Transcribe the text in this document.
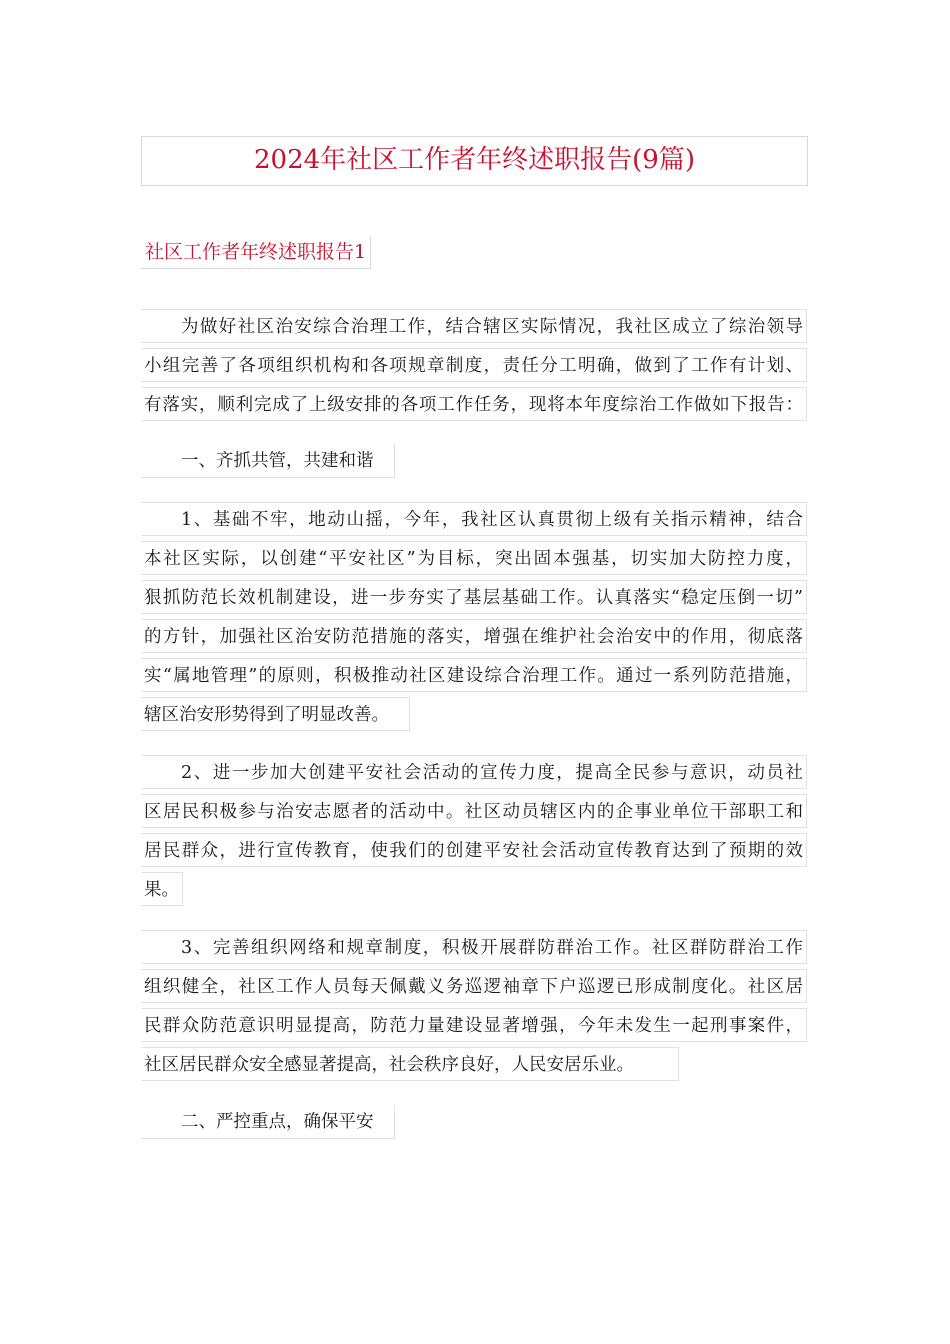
2024年社区工作者年终述职报告(9篇)
社区工作者年终述职报告1
为做好社区治安综合治理工作，结合辖区实际情况，我社区成立了综治领导
小组完善了各项组织机构和各项规章制度，责任分工明确，做到了工作有计划、
有落实，顺利完成了上级安排的各项工作任务，现将本年度综治工作做如下报告：
一、齐抓共管，共建和谐
1、基础不牢，地动山摇，今年，我社区认真贯彻上级有关指示精神，结合
本社区实际，以创建“平安社区”为目标，突出固本强基，切实加大防控力度，
狠抓防范长效机制建设，进一步夯实了基层基础工作。认真落实“稳定压倒一切”
的方针，加强社区治安防范措施的落实，增强在维护社会治安中的作用，彻底落
实“属地管理”的原则，积极推动社区建设综合治理工作。通过一系列防范措施，
辖区治安形势得到了明显改善。
2、进一步加大创建平安社会活动的宣传力度，提高全民参与意识，动员社
区居民积极参与治安志愿者的活动中。社区动员辖区内的企事业单位干部职工和
居民群众，进行宣传教育，使我们的创建平安社会活动宣传教育达到了预期的效
果。
3、完善组织网络和规章制度，积极开展群防群治工作。社区群防群治工作
组织健全，社区工作人员每天佩戴义务巡逻袖章下户巡逻已形成制度化。社区居
民群众防范意识明显提高，防范力量建设显著增强，今年未发生一起刑事案件，
社区居民群众安全感显著提高，社会秩序良好，人民安居乐业。
二、严控重点，确保平安
